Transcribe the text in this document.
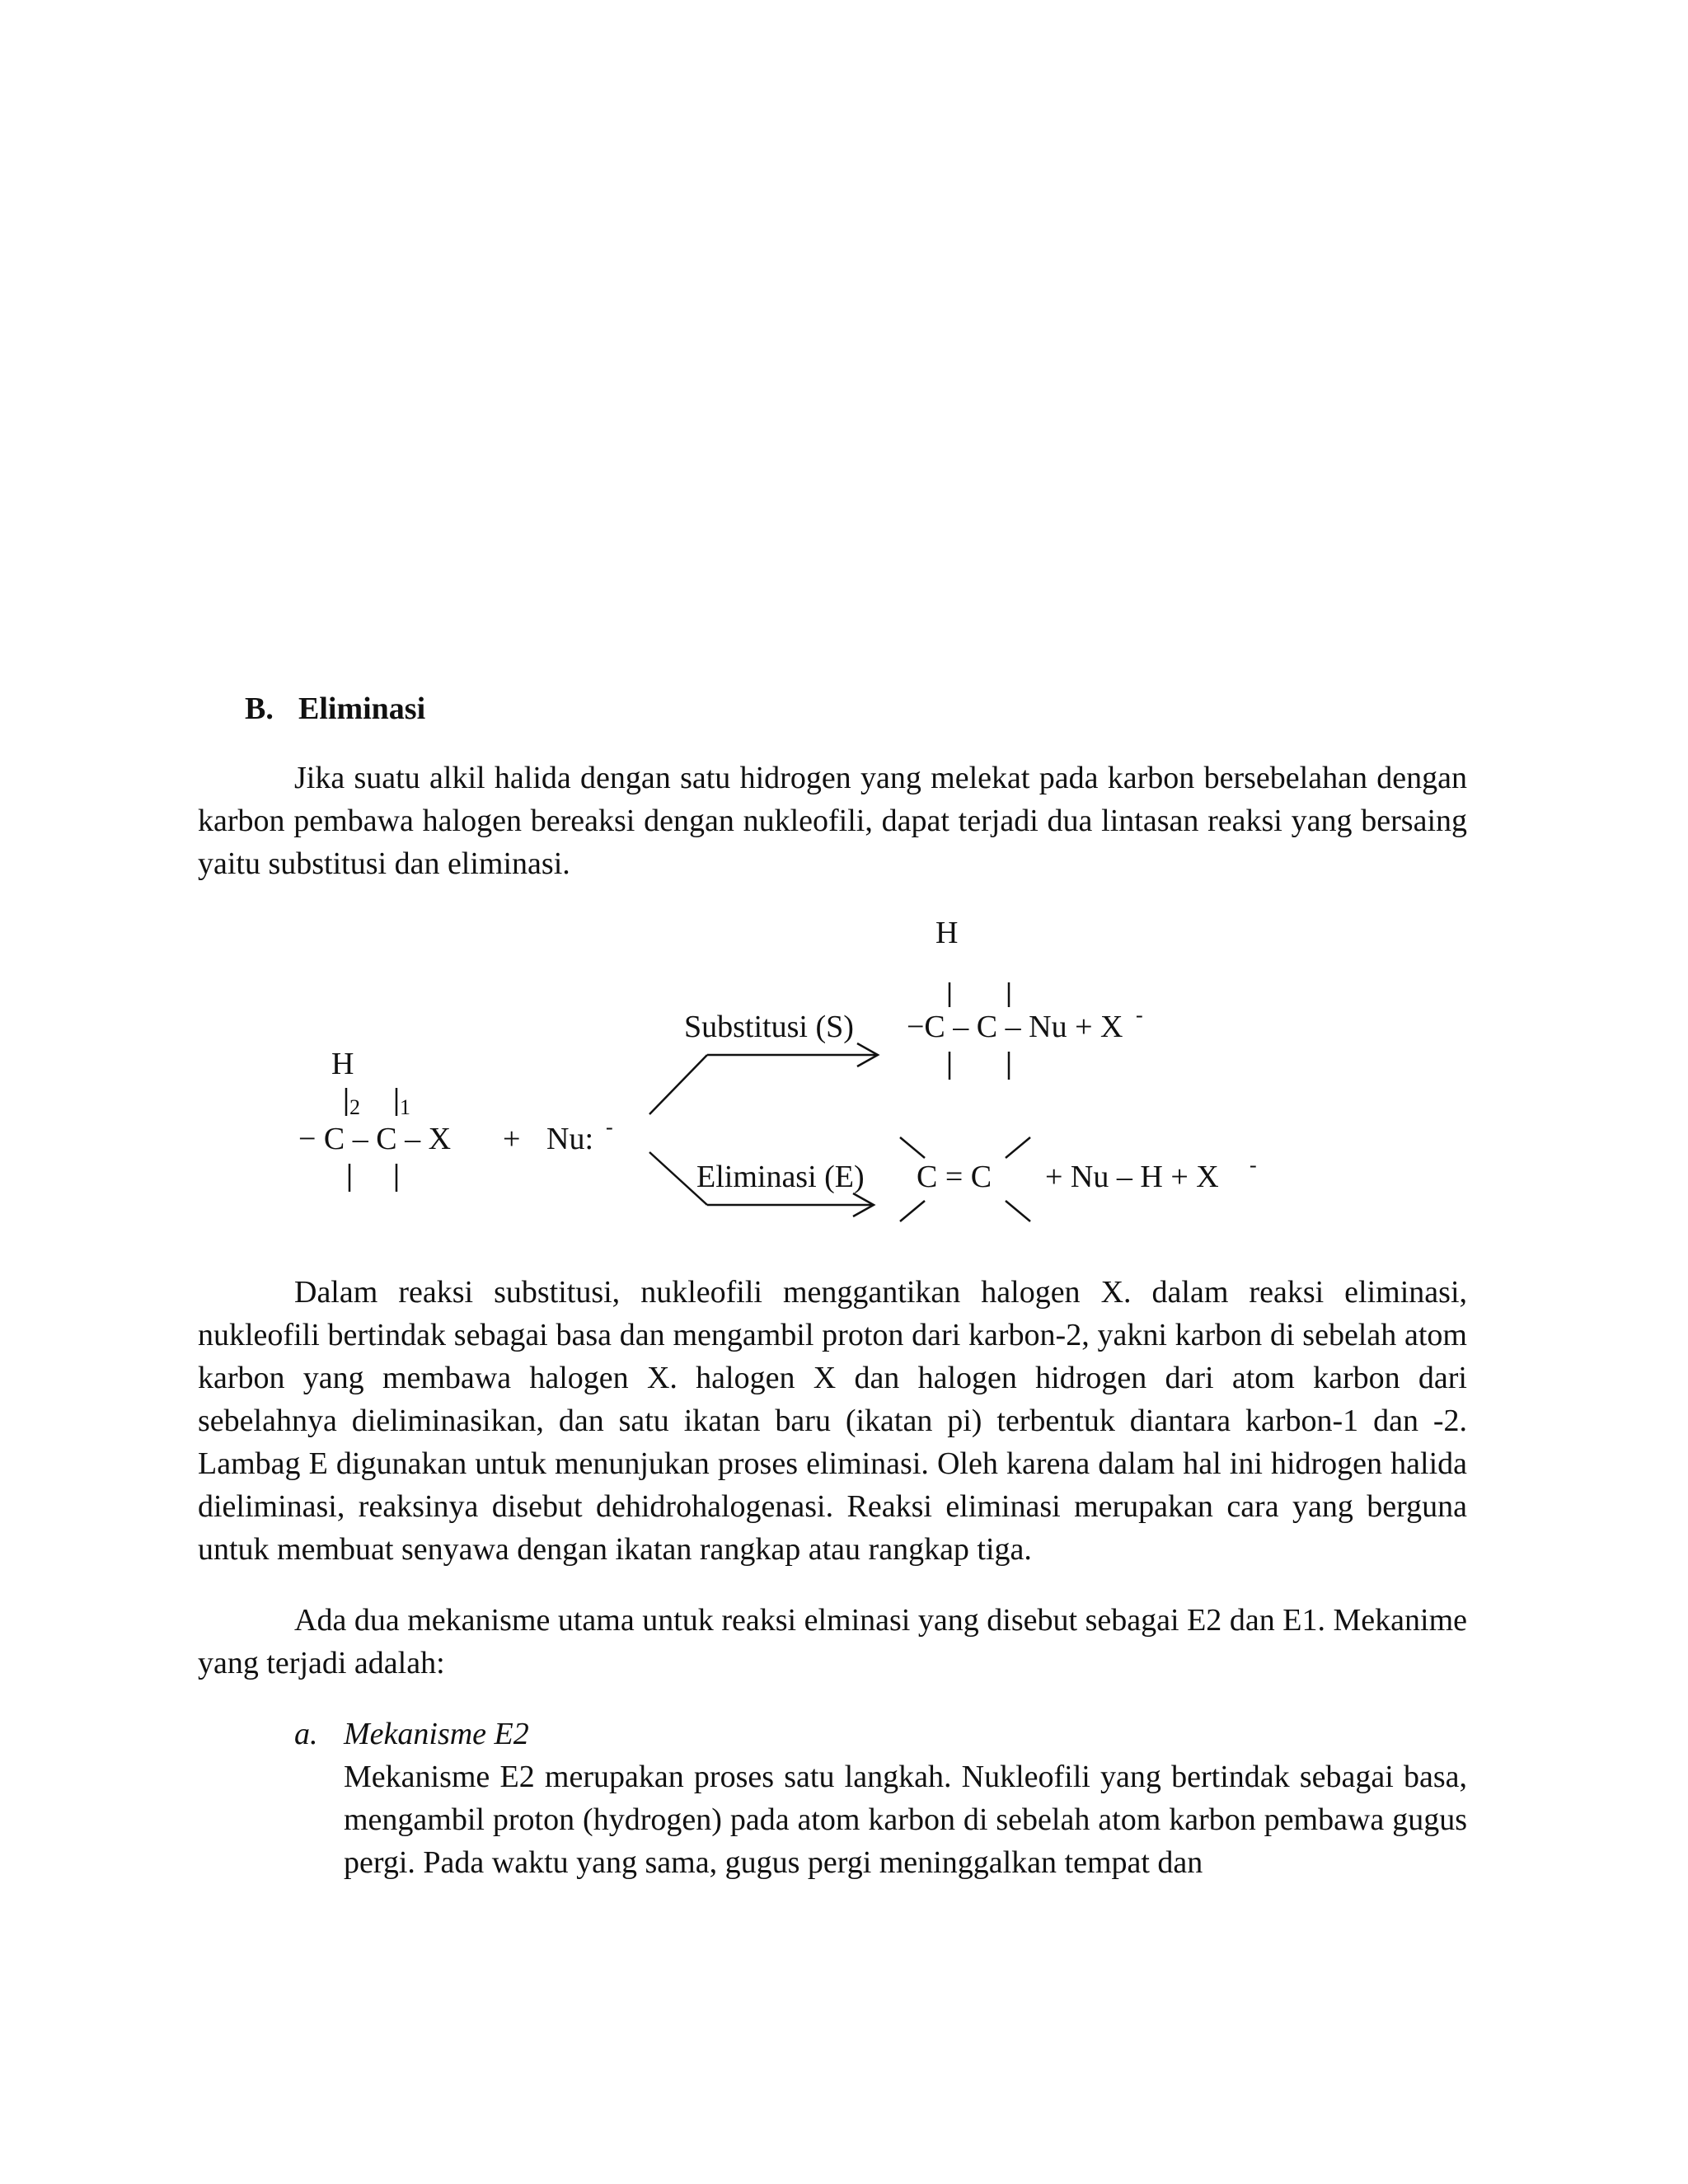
B. Eliminasi

Jika suatu alkil halida dengan satu hidrogen yang melekat pada karbon bersebelahan dengan karbon pembawa halogen bereaksi dengan nukleofili, dapat terjadi dua lintasan reaksi yang bersaing yaitu substitusi dan eliminasi.

H
2 1
− C – C – X + Nu: -
Substitusi (S)
H
−C – C – Nu + X -
Eliminasi (E) C = C + Nu – H + X -

Dalam reaksi substitusi, nukleofili menggantikan halogen X. dalam reaksi eliminasi, nukleofili bertindak sebagai basa dan mengambil proton dari karbon-2, yakni karbon di sebelah atom karbon yang membawa halogen X. halogen X dan halogen hidrogen dari atom karbon dari sebelahnya dieliminasikan, dan satu ikatan baru (ikatan pi) terbentuk diantara karbon-1 dan -2. Lambag E digunakan untuk menunjukan proses eliminasi. Oleh karena dalam hal ini hidrogen halida dieliminasi, reaksinya disebut dehidrohalogenasi. Reaksi eliminasi merupakan cara yang berguna untuk membuat senyawa dengan ikatan rangkap atau rangkap tiga.

Ada dua mekanisme utama untuk reaksi elminasi yang disebut sebagai E2 dan E1. Mekanime yang terjadi adalah:

a. Mekanisme E2

Mekanisme E2 merupakan proses satu langkah. Nukleofili yang bertindak sebagai basa, mengambil proton (hydrogen) pada atom karbon di sebelah atom karbon pembawa gugus pergi. Pada waktu yang sama, gugus pergi meninggalkan tempat dan
